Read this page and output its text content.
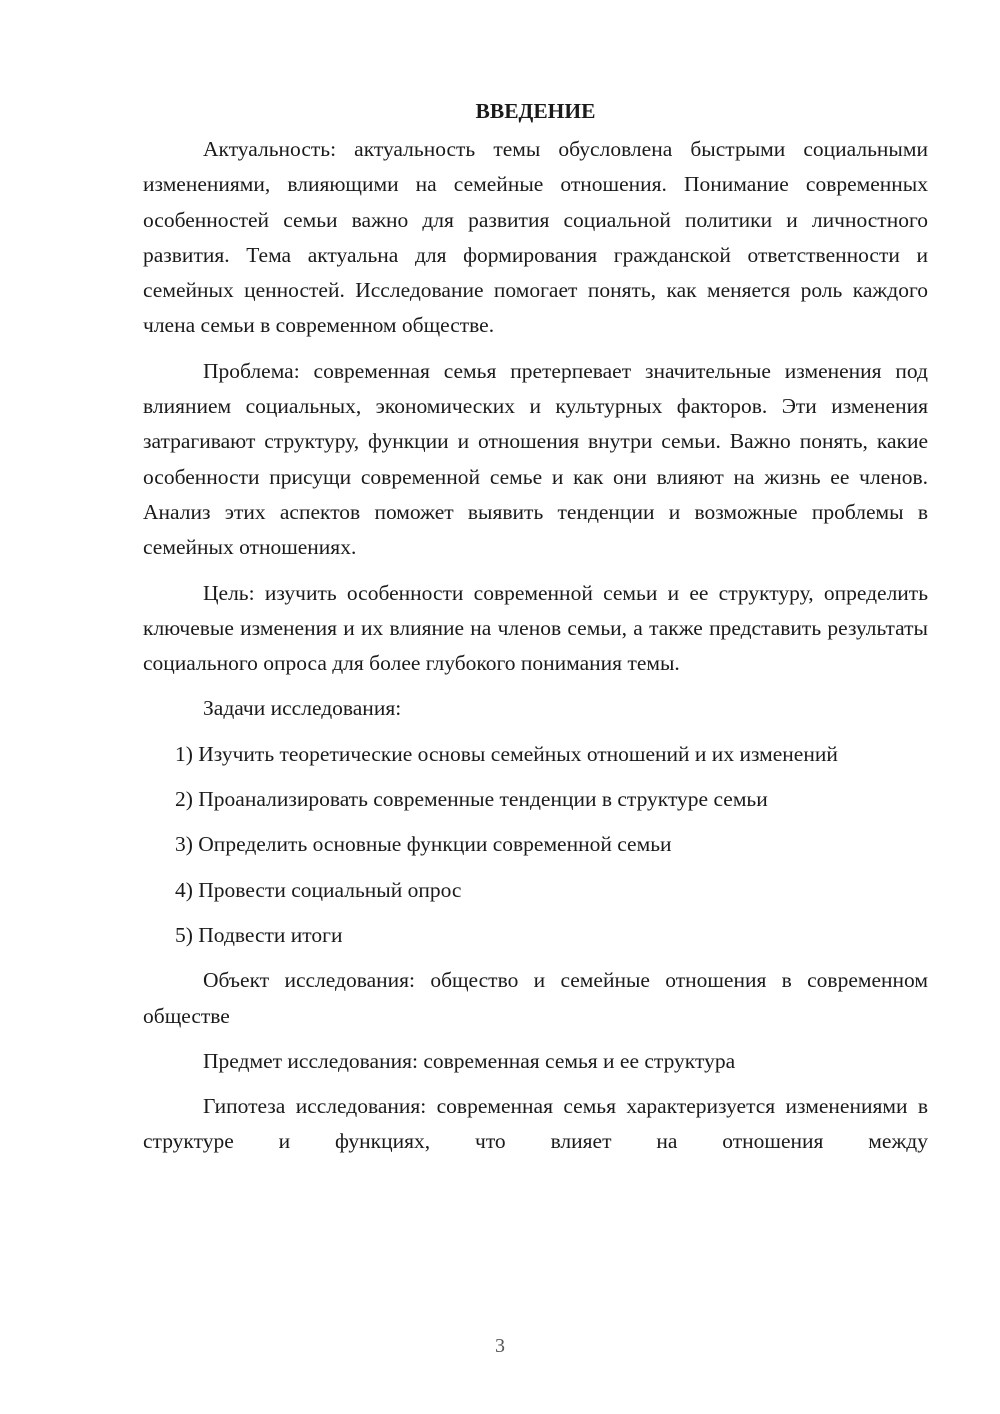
ВВЕДЕНИЕ

Актуальность: актуальность темы обусловлена быстрыми социальными изменениями, влияющими на семейные отношения. Понимание современных особенностей семьи важно для развития социальной политики и личностного развития. Тема актуальна для формирования гражданской ответственности и семейных ценностей. Исследование помогает понять, как меняется роль каждого члена семьи в современном обществе.

Проблема: современная семья претерпевает значительные изменения под влиянием социальных, экономических и культурных факторов. Эти изменения затрагивают структуру, функции и отношения внутри семьи. Важно понять, какие особенности присущи современной семье и как они влияют на жизнь ее членов. Анализ этих аспектов поможет выявить тенденции и возможные проблемы в семейных отношениях.

Цель: изучить особенности современной семьи и ее структуру, определить ключевые изменения и их влияние на членов семьи, а также представить результаты социального опроса для более глубокого понимания темы.

Задачи исследования:

1) Изучить теоретические основы семейных отношений и их изменений

2) Проанализировать современные тенденции в структуре семьи

3) Определить основные функции современной семьи

4) Провести социальный опрос

5) Подвести итоги

Объект исследования: общество и семейные отношения в современном обществе

Предмет исследования: современная семья и ее структура

Гипотеза исследования: современная семья характеризуется изменениями в структуре и функциях, что влияет на отношения между

3
